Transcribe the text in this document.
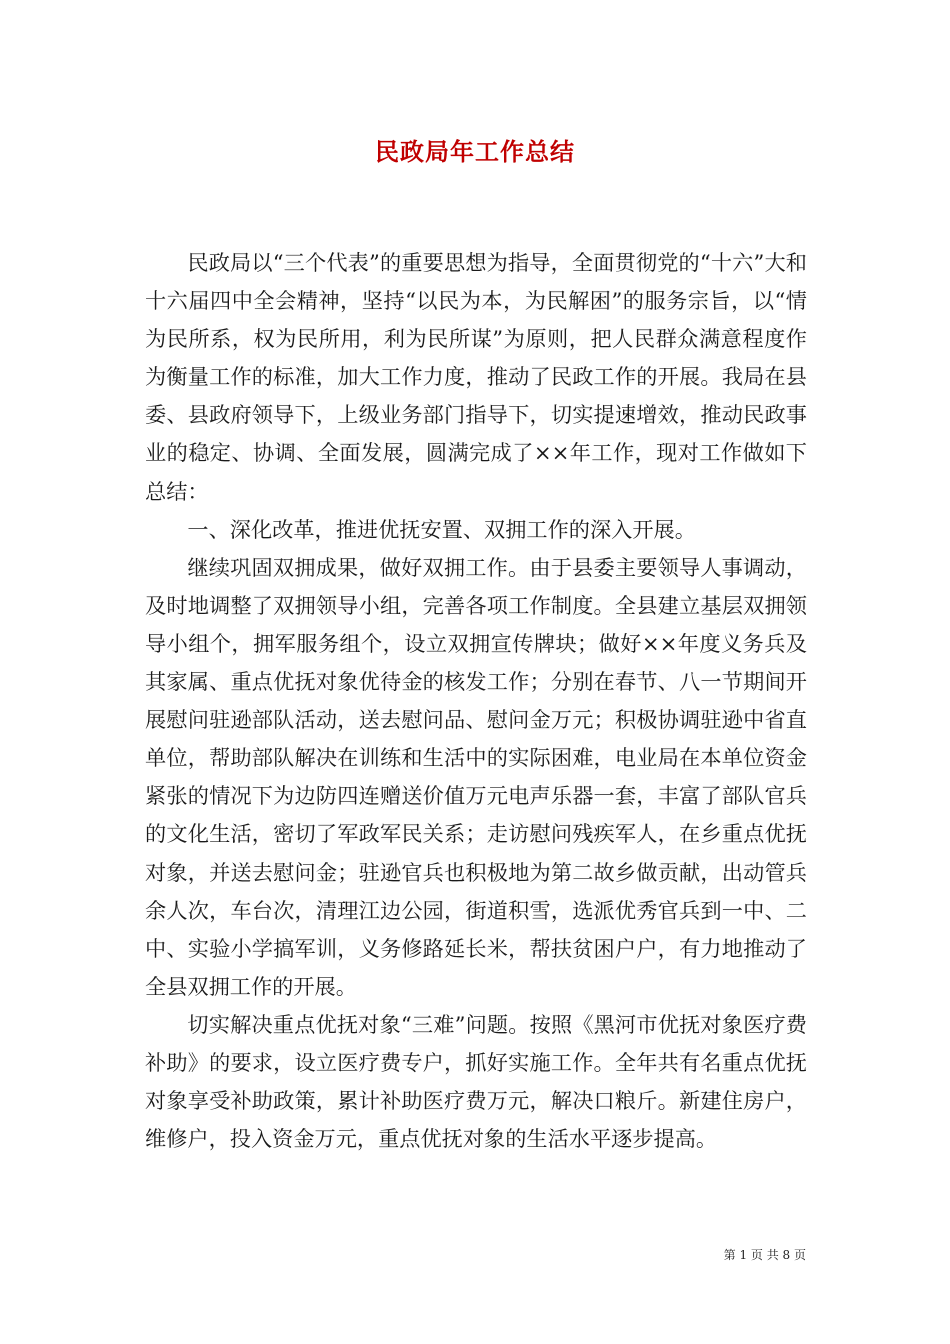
民政局年工作总结

民政局以“三个代表”的重要思想为指导，全面贯彻党的“十六”大和十六届四中全会精神，坚持“以民为本，为民解困”的服务宗旨，以“情为民所系，权为民所用，利为民所谋”为原则，把人民群众满意程度作为衡量工作的标准，加大工作力度，推动了民政工作的开展。我局在县委、县政府领导下，上级业务部门指导下，切实提速增效，推动民政事业的稳定、协调、全面发展，圆满完成了××年工作，现对工作做如下总结：

一、深化改革，推进优抚安置、双拥工作的深入开展。

继续巩固双拥成果，做好双拥工作。由于县委主要领导人事调动，及时地调整了双拥领导小组，完善各项工作制度。全县建立基层双拥领导小组个，拥军服务组个，设立双拥宣传牌块；做好××年度义务兵及其家属、重点优抚对象优待金的核发工作；分别在春节、八一节期间开展慰问驻逊部队活动，送去慰问品、慰问金万元；积极协调驻逊中省直单位，帮助部队解决在训练和生活中的实际困难，电业局在本单位资金紧张的情况下为边防四连赠送价值万元电声乐器一套，丰富了部队官兵的文化生活，密切了军政军民关系；走访慰问残疾军人，在乡重点优抚对象，并送去慰问金；驻逊官兵也积极地为第二故乡做贡献，出动管兵余人次，车台次，清理江边公园，街道积雪，选派优秀官兵到一中、二中、实验小学搞军训，义务修路延长米，帮扶贫困户户，有力地推动了全县双拥工作的开展。

切实解决重点优抚对象“三难”问题。按照《黑河市优抚对象医疗费补助》的要求，设立医疗费专户，抓好实施工作。全年共有名重点优抚对象享受补助政策，累计补助医疗费万元，解决口粮斤。新建住房户，维修户，投入资金万元，重点优抚对象的生活水平逐步提高。

第 1 页 共 8 页
